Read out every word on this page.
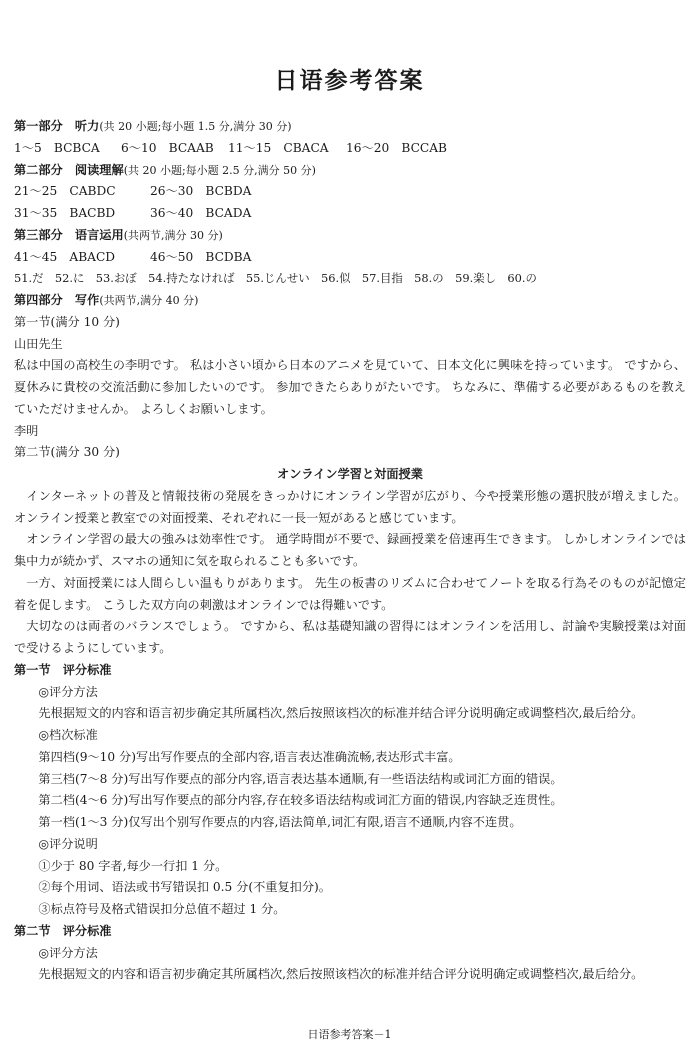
日语参考答案
第一部分　听力(共 20 小题;每小题 1.5 分,满分 30 分)
1～5　BCBCA 6～10　BCAAB 11～15　CBACA 16～20　BCCAB
第二部分　阅读理解(共 20 小题;每小题 2.5 分,满分 50 分)
21～25　CABDC	26～30　BCBDA
31～35　BACBD	36～40　BCADA
第三部分　语言运用(共两节,满分 30 分)
41～45　ABACD	46～50　BCDBA
51.だ　52.に　53.おぼ　54.持たなければ　55.じんせい　56.似　57.目指　58.の　59.楽し　60.の
第四部分　写作(共两节,满分 40 分)
第一节(满分 10 分)
山田先生
私は中国の高校生の李明です。 私は小さい頃から日本のアニメを見ていて、日本文化に興味を持っています。 ですから、夏休みに貴校の交流活動に参加したいのです。 参加できたらありがたいです。 ちなみに、準備する必要があるものを教えていただけませんか。 よろしくお願いします。
李明
第二节(满分 30 分)
オンライン学習と対面授業
インターネットの普及と情報技術の発展をきっかけにオンライン学習が広がり、今や授業形態の選択肢が増えました。 オンライン授業と教室での対面授業、それぞれに一長一短があると感じています。
オンライン学習の最大の強みは効率性です。 通学時間が不要で、録画授業を倍速再生できます。 しかしオンラインでは集中力が続かず、スマホの通知に気を取られることも多いです。
一方、対面授業には人間らしい温もりがあります。 先生の板書のリズムに合わせてノートを取る行為そのものが記憶定着を促します。 こうした双方向の刺激はオンラインでは得難いです。
大切なのは両者のバランスでしょう。 ですから、私は基礎知識の習得にはオンラインを活用し、討論や実験授業は対面で受けるようにしています。
第一节　评分标准
◎评分方法
先根据短文的内容和语言初步确定其所属档次,然后按照该档次的标准并结合评分说明确定或调整档次,最后给分。
◎档次标准
第四档(9～10 分)写出写作要点的全部内容,语言表达准确流畅,表达形式丰富。
第三档(7～8 分)写出写作要点的部分内容,语言表达基本通顺,有一些语法结构或词汇方面的错误。
第二档(4～6 分)写出写作要点的部分内容,存在较多语法结构或词汇方面的错误,内容缺乏连贯性。
第一档(1～3 分)仅写出个别写作要点的内容,语法简单,词汇有限,语言不通顺,内容不连贯。
◎评分说明
①少于 80 字者,每少一行扣 1 分。
②每个用词、语法或书写错误扣 0.5 分(不重复扣分)。
③标点符号及格式错误扣分总值不超过 1 分。
第二节　评分标准
◎评分方法
先根据短文的内容和语言初步确定其所属档次,然后按照该档次的标准并结合评分说明确定或调整档次,最后给分。
日语参考答案－1
